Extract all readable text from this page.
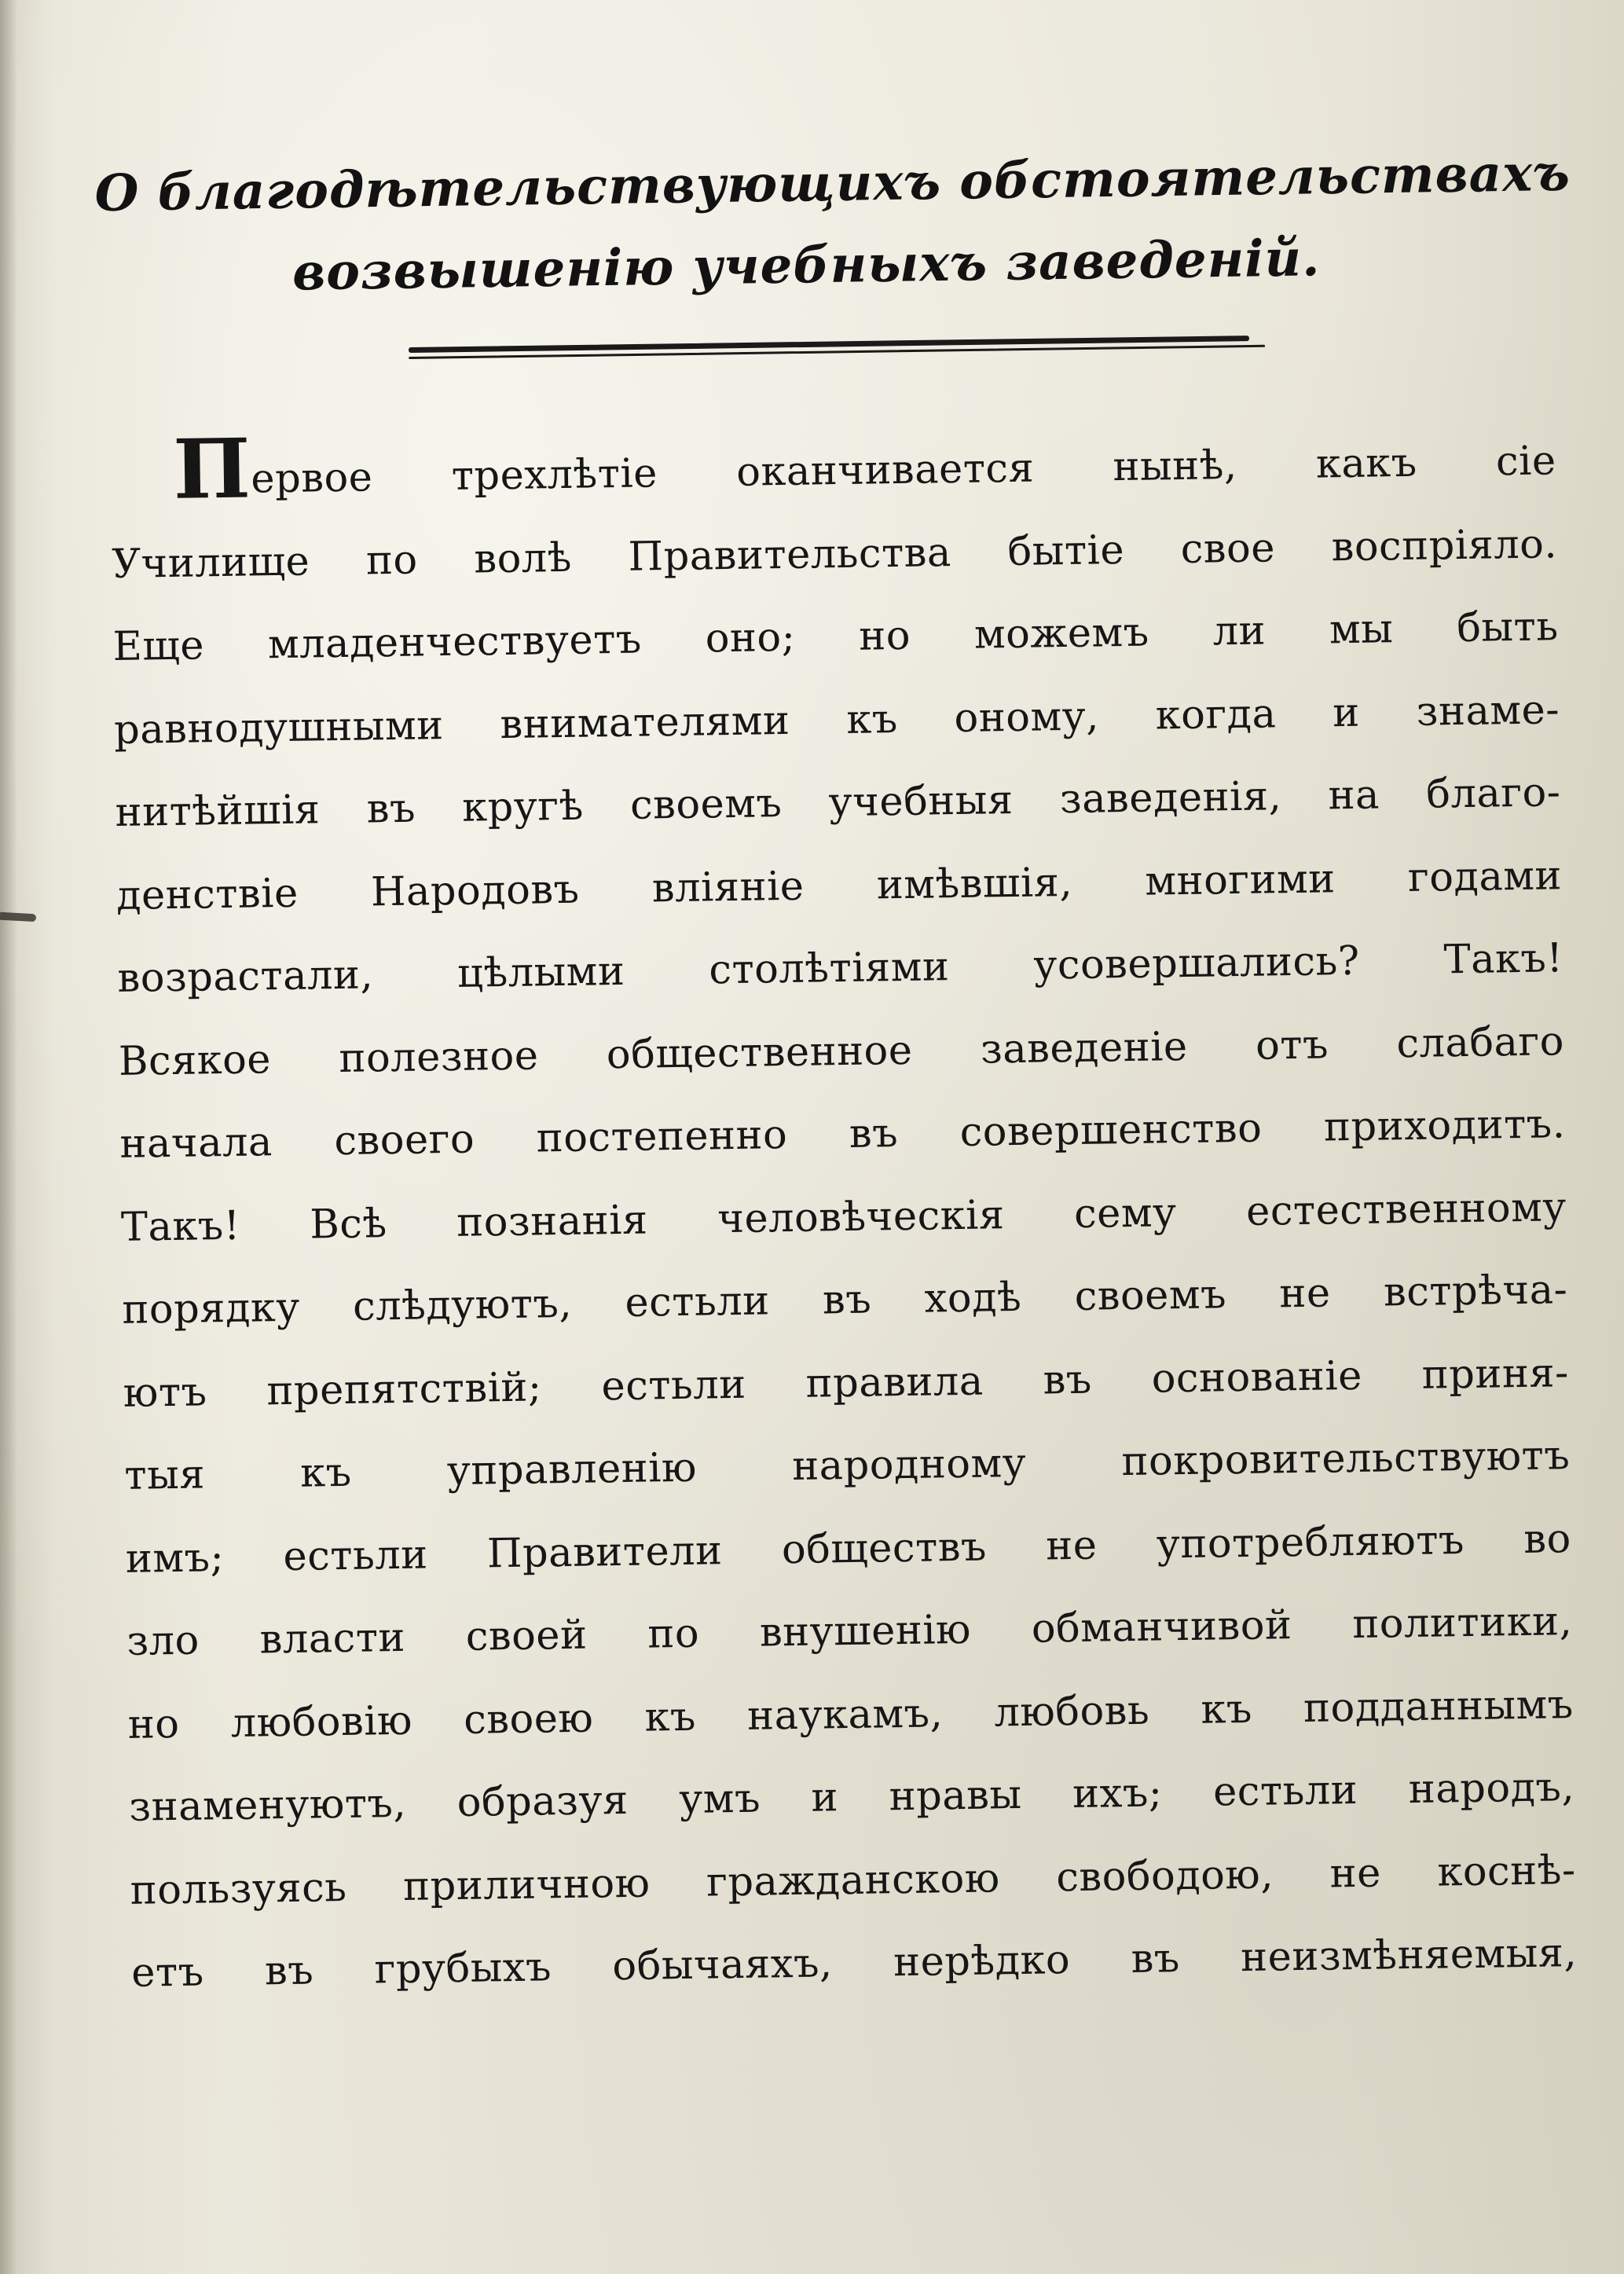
О благодѣтельствующихъ обстоятельствахъ
возвышенію учебныхъ заведеній.
Первое трехлѣтіе оканчивается нынѣ, какъ сіе
Училище по волѣ Правительства бытіе свое воспріяло.
Еще младенчествуетъ оно; но можемъ ли мы быть
равнодушными внимателями къ оному, когда и знаме-
нитѣйшія въ кругѣ своемъ учебныя заведенія, на благо-
денствіе Народовъ вліяніе имѣвшія, многими годами
возрастали, цѣлыми столѣтіями усовершались? Такъ!
Всякое полезное общественное заведеніе отъ слабаго
начала своего постепенно въ совершенство приходитъ.
Такъ! Всѣ познанія человѣческія сему естественному
порядку слѣдуютъ, естьли въ ходѣ своемъ не встрѣча-
ютъ препятствій; естьли правила въ основаніе приня-
тыя къ управленію народному покровительствуютъ
имъ; естьли Правители обществъ не употребляютъ во
зло власти своей по внушенію обманчивой политики,
но любовію своею къ наукамъ, любовь къ подданнымъ
знаменуютъ, образуя умъ и нравы ихъ; естьли народъ,
пользуясь приличною гражданскою свободою, не коснѣ-
етъ въ грубыхъ обычаяхъ, нерѣдко въ неизмѣняемыя,
